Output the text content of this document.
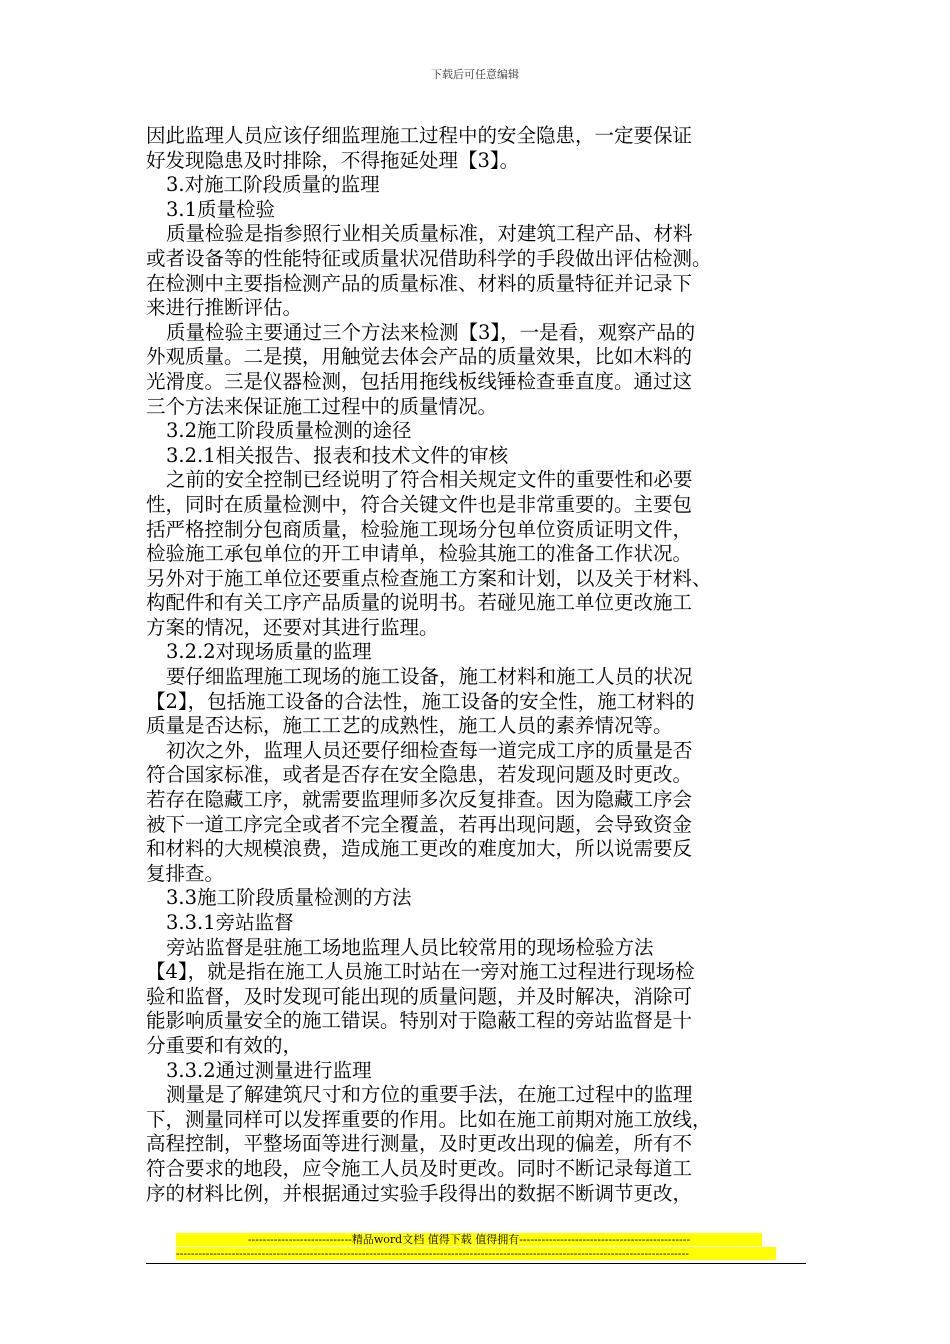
下载后可任意编辑
因此监理人员应该仔细监理施工过程中的安全隐患，一定要保证
好发现隐患及时排除，不得拖延处理【3】。
3.对施工阶段质量的监理
3.1质量检验
质量检验是指参照行业相关质量标准，对建筑工程产品、材料
或者设备等的性能特征或质量状况借助科学的手段做出评估检测。
在检测中主要指检测产品的质量标准、材料的质量特征并记录下
来进行推断评估。
质量检验主要通过三个方法来检测【3】，一是看，观察产品的
外观质量。二是摸，用触觉去体会产品的质量效果，比如木料的
光滑度。三是仪器检测，包括用拖线板线锤检查垂直度。通过这
三个方法来保证施工过程中的质量情况。
3.2施工阶段质量检测的途径
3.2.1相关报告、报表和技术文件的审核
之前的安全控制已经说明了符合相关规定文件的重要性和必要
性，同时在质量检测中，符合关键文件也是非常重要的。主要包
括严格控制分包商质量，检验施工现场分包单位资质证明文件，
检验施工承包单位的开工申请单，检验其施工的准备工作状况。
另外对于施工单位还要重点检查施工方案和计划，以及关于材料、
构配件和有关工序产品质量的说明书。若碰见施工单位更改施工
方案的情况，还要对其进行监理。
3.2.2对现场质量的监理
要仔细监理施工现场的施工设备，施工材料和施工人员的状况
【2】，包括施工设备的合法性，施工设备的安全性，施工材料的
质量是否达标，施工工艺的成熟性，施工人员的素养情况等。
初次之外，监理人员还要仔细检查每一道完成工序的质量是否
符合国家标准，或者是否存在安全隐患，若发现问题及时更改。
若存在隐藏工序，就需要监理师多次反复排查。因为隐藏工序会
被下一道工序完全或者不完全覆盖，若再出现问题，会导致资金
和材料的大规模浪费，造成施工更改的难度加大，所以说需要反
复排查。
3.3施工阶段质量检测的方法
3.3.1旁站监督
旁站监督是驻施工场地监理人员比较常用的现场检验方法
【4】，就是指在施工人员施工时站在一旁对施工过程进行现场检
验和监督，及时发现可能出现的质量问题，并及时解决，消除可
能影响质量安全的施工错误。特别对于隐蔽工程的旁站监督是十
分重要和有效的，
3.3.2通过测量进行监理
测量是了解建筑尺寸和方位的重要手法，在施工过程中的监理
下，测量同样可以发挥重要的作用。比如在施工前期对施工放线，
高程控制，平整场面等进行测量，及时更改出现的偏差，所有不
符合要求的地段，应令施工人员及时更改。同时不断记录每道工
序的材料比例，并根据通过实验手段得出的数据不断调节更改，
----------------------------精品word文档 值得下载 值得拥有----------------------------------------------
------------------------------------------------------------------------------------------------------------------------------------------
